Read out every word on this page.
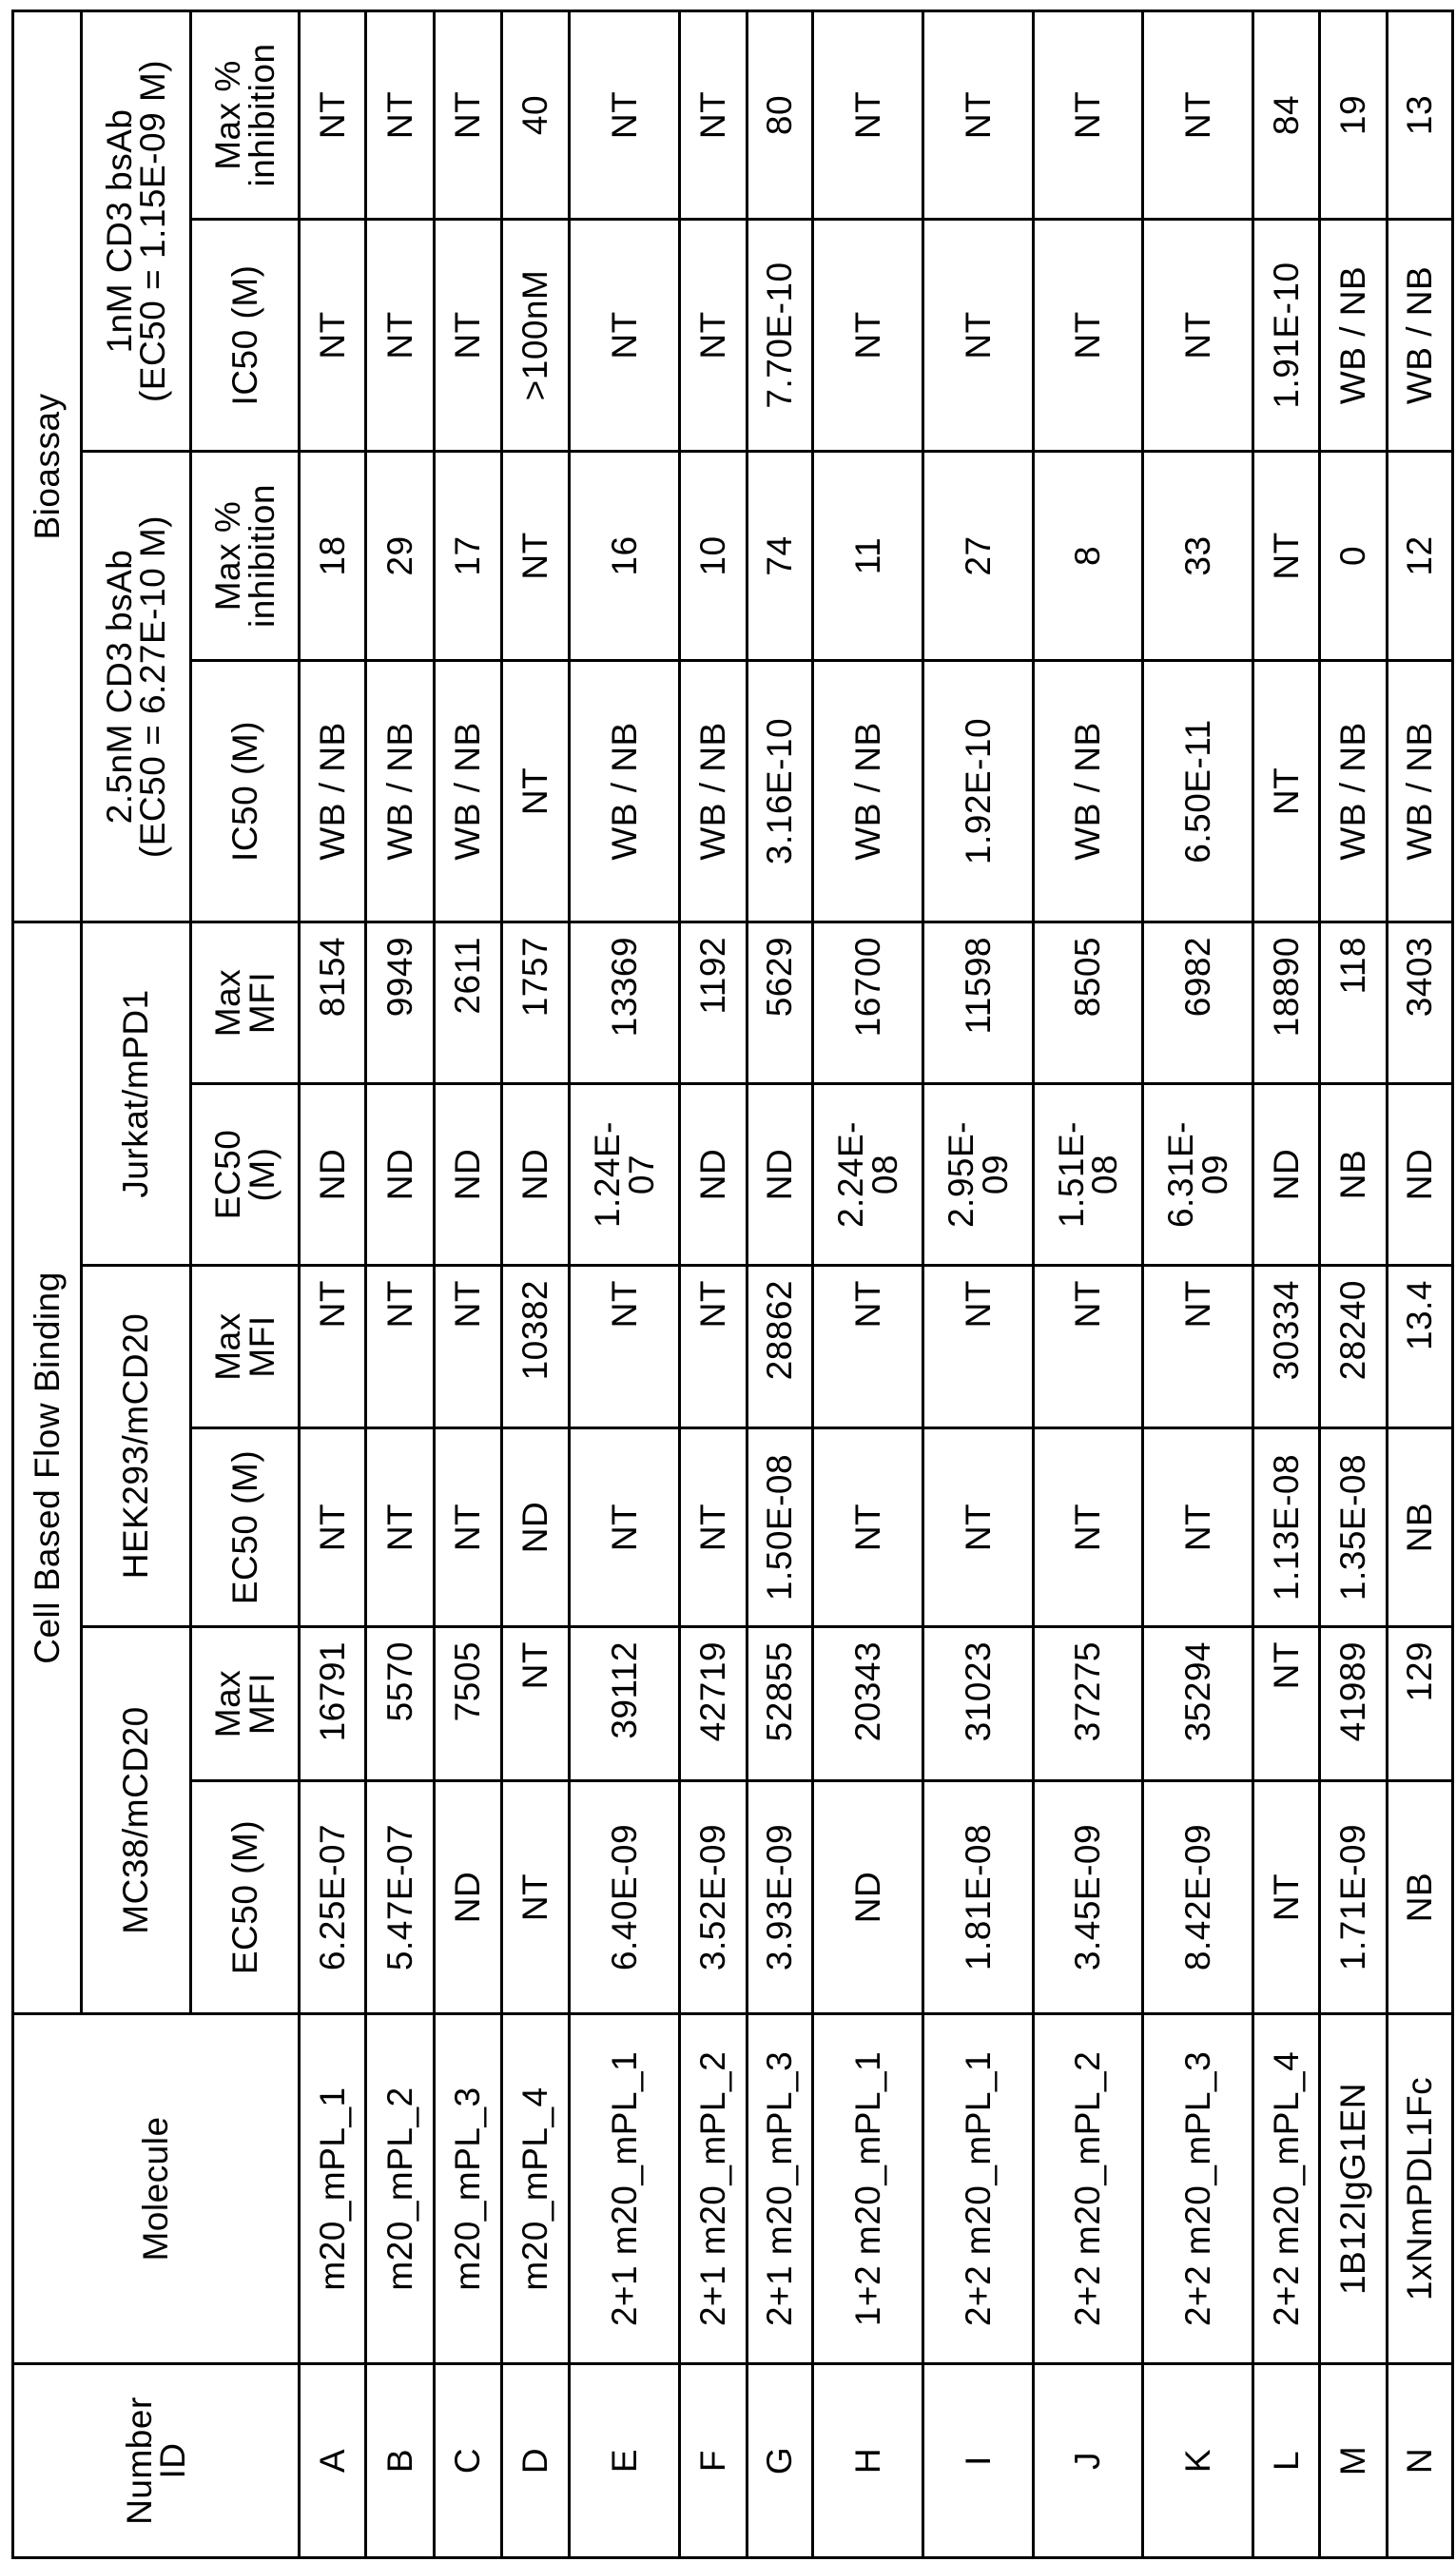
Number ID	Molecule	Cell Based Flow Binding	Bioassay
MC38/mCD20	HEK293/mCD20	Jurkat/mPD1	
2.5nM CD3 bsAb
(EC50 = 6.27E-10 M)

1nM CD3 bsAb
(EC50 = 1.15E-09 M)

EC50 (M)	Max MFI	EC50 (M)	Max MFI	EC50 (M)	Max MFI	IC50 (M)	Max % inhibition	IC50 (M)	Max % inhibition
A	m20_mPL_1	6.25E-07	16791	NT	NT	ND	8154	WB / NB	18	NT	NT
B	m20_mPL_2	5.47E-07	5570	NT	NT	ND	9949	WB / NB	29	NT	NT
C	m20_mPL_3	ND	7505	NT	NT	ND	2611	WB / NB	17	NT	NT
D	m20_mPL_4	NT	NT	ND	10382	ND	1757	NT	NT	>100nM	40
E	2+1 m20_mPL_1	6.40E-09	39112	NT	NT	1.24E-07	13369	WB / NB	16	NT	NT
F	2+1 m20_mPL_2	3.52E-09	42719	NT	NT	ND	1192	WB / NB	10	NT	NT
G	2+1 m20_mPL_3	3.93E-09	52855	1.50E-08	28862	ND	5629	3.16E-10	74	7.70E-10	80
H	1+2 m20_mPL_1	ND	20343	NT	NT	2.24E-08	16700	WB / NB	11	NT	NT
I	2+2 m20_mPL_1	1.81E-08	31023	NT	NT	2.95E-09	11598	1.92E-10	27	NT	NT
J	2+2 m20_mPL_2	3.45E-09	37275	NT	NT	1.51E-08	8505	WB / NB	8	NT	NT
K	2+2 m20_mPL_3	8.42E-09	35294	NT	NT	6.31E-09	6982	6.50E-11	33	NT	NT
L	2+2 m20_mPL_4	NT	NT	1.13E-08	30334	ND	18890	NT	NT	1.91E-10	84
M	1B12IgG1EN	1.71E-09	41989	1.35E-08	28240	NB	118	WB / NB	0	WB / NB	19
N	1xNmPDL1Fc	NB	129	NB	13.4	ND	3403	WB / NB	12	WB / NB	13
